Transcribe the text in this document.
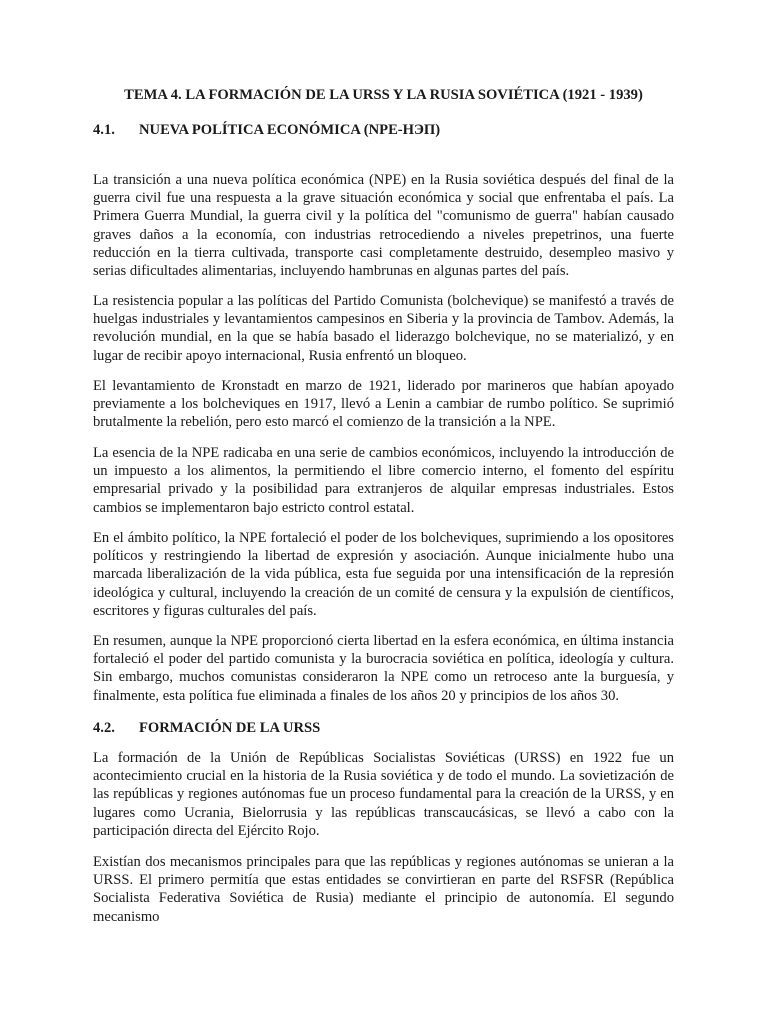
TEMA 4. LA FORMACIÓN DE LA URSS Y LA RUSIA SOVIÉTICA (1921 - 1939)
4.1. NUEVA POLÍTICA ECONÓMICA (NPE-НЭП)

La transición a una nueva política económica (NPE) en la Rusia soviética después del final de la guerra civil fue una respuesta a la grave situación económica y social que enfrentaba el país. La Primera Guerra Mundial, la guerra civil y la política del "comunismo de guerra" habían causado graves daños a la economía, con industrias retrocediendo a niveles prepetrinos, una fuerte reducción en la tierra cultivada, transporte casi completamente destruido, desempleo masivo y serias dificultades alimentarias, incluyendo hambrunas en algunas partes del país.

La resistencia popular a las políticas del Partido Comunista (bolchevique) se manifestó a través de huelgas industriales y levantamientos campesinos en Siberia y la provincia de Tambov. Además, la revolución mundial, en la que se había basado el liderazgo bolchevique, no se materializó, y en lugar de recibir apoyo internacional, Rusia enfrentó un bloqueo.

El levantamiento de Kronstadt en marzo de 1921, liderado por marineros que habían apoyado previamente a los bolcheviques en 1917, llevó a Lenin a cambiar de rumbo político. Se suprimió brutalmente la rebelión, pero esto marcó el comienzo de la transición a la NPE.

La esencia de la NPE radicaba en una serie de cambios económicos, incluyendo la introducción de un impuesto a los alimentos, la permitiendo el libre comercio interno, el fomento del espíritu empresarial privado y la posibilidad para extranjeros de alquilar empresas industriales. Estos cambios se implementaron bajo estricto control estatal.

En el ámbito político, la NPE fortaleció el poder de los bolcheviques, suprimiendo a los opositores políticos y restringiendo la libertad de expresión y asociación. Aunque inicialmente hubo una marcada liberalización de la vida pública, esta fue seguida por una intensificación de la represión ideológica y cultural, incluyendo la creación de un comité de censura y la expulsión de científicos, escritores y figuras culturales del país.

En resumen, aunque la NPE proporcionó cierta libertad en la esfera económica, en última instancia fortaleció el poder del partido comunista y la burocracia soviética en política, ideología y cultura. Sin embargo, muchos comunistas consideraron la NPE como un retroceso ante la burguesía, y finalmente, esta política fue eliminada a finales de los años 20 y principios de los años 30.

4.2. FORMACIÓN DE LA URSS

La formación de la Unión de Repúblicas Socialistas Soviéticas (URSS) en 1922 fue un acontecimiento crucial en la historia de la Rusia soviética y de todo el mundo. La sovietización de las repúblicas y regiones autónomas fue un proceso fundamental para la creación de la URSS, y en lugares como Ucrania, Bielorrusia y las repúblicas transcaucásicas, se llevó a cabo con la participación directa del Ejército Rojo.

Existían dos mecanismos principales para que las repúblicas y regiones autónomas se unieran a la URSS. El primero permitía que estas entidades se convirtieran en parte del RSFSR (República Socialista Federativa Soviética de Rusia) mediante el principio de autonomía. El segundo mecanismo
